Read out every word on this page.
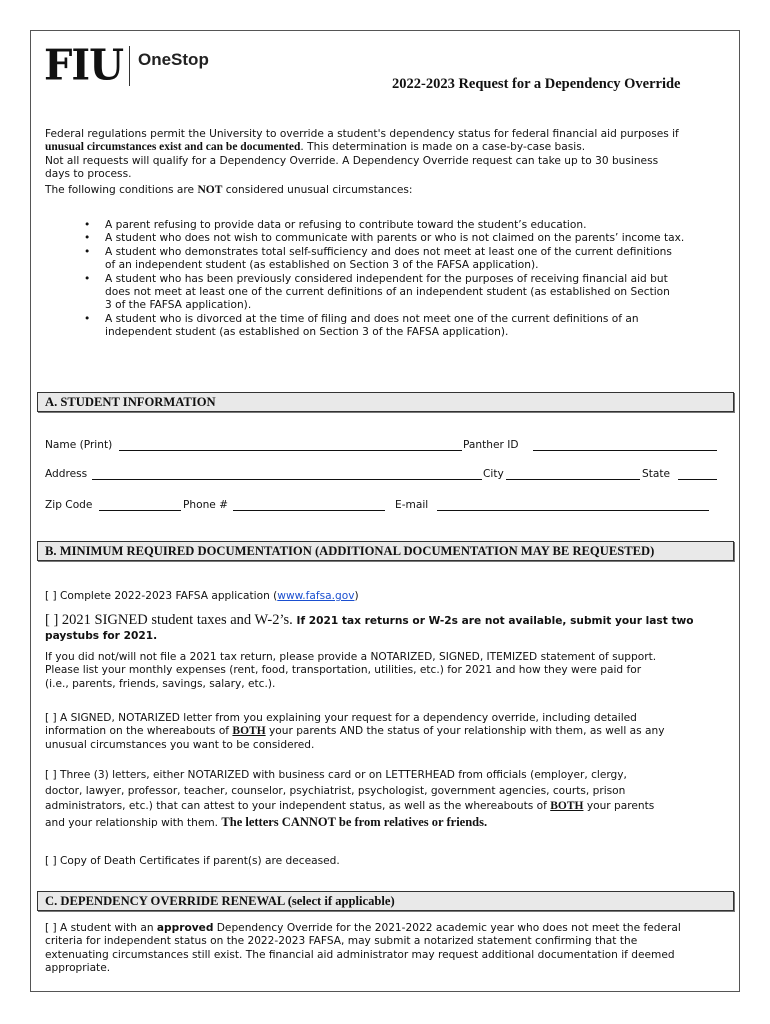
FIU OneStop
2022-2023 Request for a Dependency Override

Federal regulations permit the University to override a student's dependency status for federal financial aid purposes if

unusual circumstances exist and can be documented. This determination is made on a case-by-case basis.

Not all requests will qualify for a Dependency Override. A Dependency Override request can take up to 30 business

days to process.

The following conditions are NOT considered unusual circumstances:

• A parent refusing to provide data or refusing to contribute toward the student’s education.
• A student who does not wish to communicate with parents or who is not claimed on the parents’ income tax.
• A student who demonstrates total self-sufficiency and does not meet at least one of the current definitions
of an independent student (as established on Section 3 of the FAFSA application).
• A student who has been previously considered independent for the purposes of receiving financial aid but
does not meet at least one of the current definitions of an independent student (as established on Section
3 of the FAFSA application).
• A student who is divorced at the time of filing and does not meet one of the current definitions of an
independent student (as established on Section 3 of the FAFSA application).
A. STUDENT INFORMATION
Name (Print)	Panther ID
Address	City	State
Zip Code	Phone #	E-mail
B. MINIMUM REQUIRED DOCUMENTATION (ADDITIONAL DOCUMENTATION MAY BE REQUESTED)
[ ] Complete 2022-2023 FAFSA application (www.fafsa.gov)
[ ] 2021 SIGNED student taxes and W-2’s. If 2021 tax returns or W-2s are not available, submit your last two
paystubs for 2021.

If you did not/will not file a 2021 tax return, please provide a NOTARIZED, SIGNED, ITEMIZED statement of support.

Please list your monthly expenses (rent, food, transportation, utilities, etc.) for 2021 and how they were paid for

(i.e., parents, friends, savings, salary, etc.).

[ ] A SIGNED, NOTARIZED letter from you explaining your request for a dependency override, including detailed

information on the whereabouts of BOTH your parents AND the status of your relationship with them, as well as any

unusual circumstances you want to be considered.

[ ] Three (3) letters, either NOTARIZED with business card or on LETTERHEAD from officials (employer, clergy,

doctor, lawyer, professor, teacher, counselor, psychiatrist, psychologist, government agencies, courts, prison

administrators, etc.) that can attest to your independent status, as well as the whereabouts of BOTH your parents

and your relationship with them. The letters CANNOT be from relatives or friends.

[ ] Copy of Death Certificates if parent(s) are deceased.
C. DEPENDENCY OVERRIDE RENEWAL (select if applicable)

[ ] A student with an approved Dependency Override for the 2021-2022 academic year who does not meet the federal

criteria for independent status on the 2022-2023 FAFSA, may submit a notarized statement confirming that the

extenuating circumstances still exist. The financial aid administrator may request additional documentation if deemed

appropriate.
